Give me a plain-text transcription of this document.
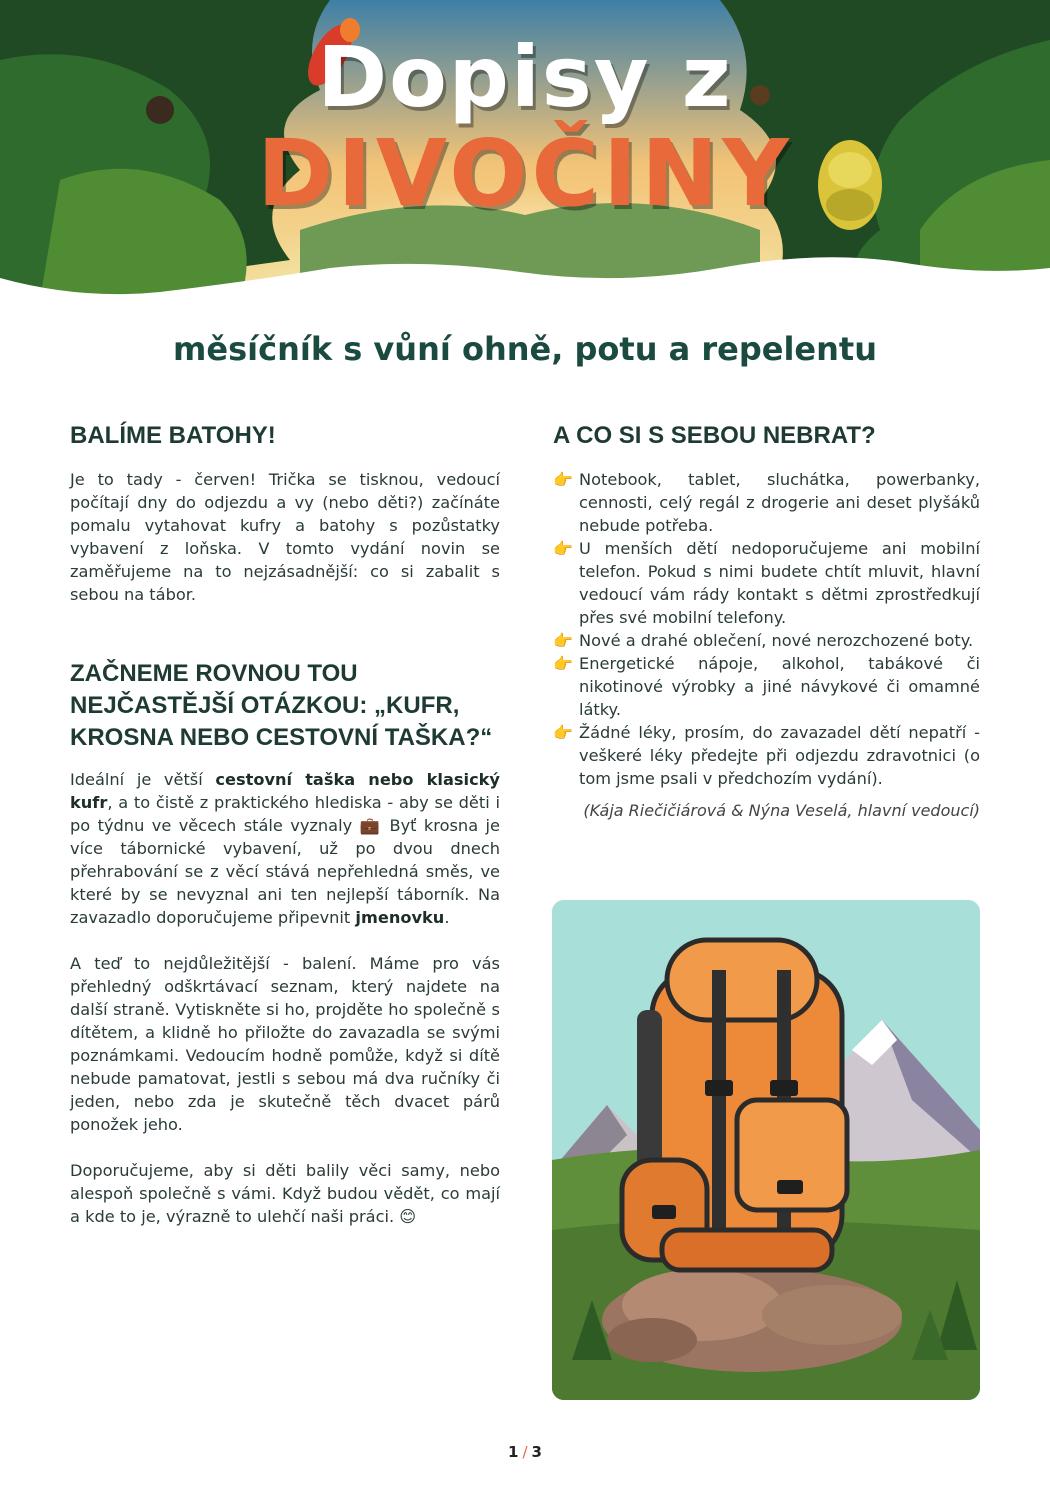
Dopisy z
DIVOČINY
měsíčník s vůní ohně, potu a repelentu
BALÍME BATOHY!

Je to tady - červen! Trička se tisknou, vedoucí počítají dny do odjezdu a vy (nebo děti?) začínáte pomalu vytahovat kufry a batohy s pozůstatky vybavení z loňska. V tomto vydání novin se zaměřujeme na to nejzásadnější: co si zabalit s sebou na tábor.

ZAČNEME ROVNOU TOU NEJČASTĚJŠÍ OTÁZKOU: „KUFR, KROSNA NEBO CESTOVNÍ TAŠKA?“

Ideální je větší cestovní taška nebo klasický kufr, a to čistě z praktického hlediska - aby se děti i po týdnu ve věcech stále vyznaly 💼 Byť krosna je více tábornické vybavení, už po dvou dnech přehrabování se z věcí stává nepřehledná směs, ve které by se nevyznal ani ten nejlepší táborník. Na zavazadlo doporučujeme připevnit jmenovku.

A teď to nejdůležitější - balení. Máme pro vás přehledný odškrtávací seznam, který najdete na další straně. Vytiskněte si ho, projděte ho společně s dítětem, a klidně ho přiložte do zavazadla se svými poznámkami. Vedoucím hodně pomůže, když si dítě nebude pamatovat, jestli s sebou má dva ručníky či jeden, nebo zda je skutečně těch dvacet párů ponožek jeho.

Doporučujeme, aby si děti balily věci samy, nebo alespoň společně s vámi. Když budou vědět, co mají a kde to je, výrazně to ulehčí naši práci. 😊

A CO SI S SEBOU NEBRAT?
👉 Notebook, tablet, sluchátka, powerbanky, cennosti, celý regál z drogerie ani deset plyšáků nebude potřeba.
👉 U menších dětí nedoporučujeme ani mobilní telefon. Pokud s nimi budete chtít mluvit, hlavní vedoucí vám rády kontakt s dětmi zprostředkují přes své mobilní telefony.
👉 Nové a drahé oblečení, nové nerozchozené boty.
👉 Energetické nápoje, alkohol, tabákové či nikotinové výrobky a jiné návykové či omamné látky.
👉 Žádné léky, prosím, do zavazadel dětí nepatří - veškeré léky předejte při odjezdu zdravotnici (o tom jsme psali v předchozím vydání).
(Kája Riečičiárová & Nýna Veselá, hlavní vedoucí)
1 / 3
